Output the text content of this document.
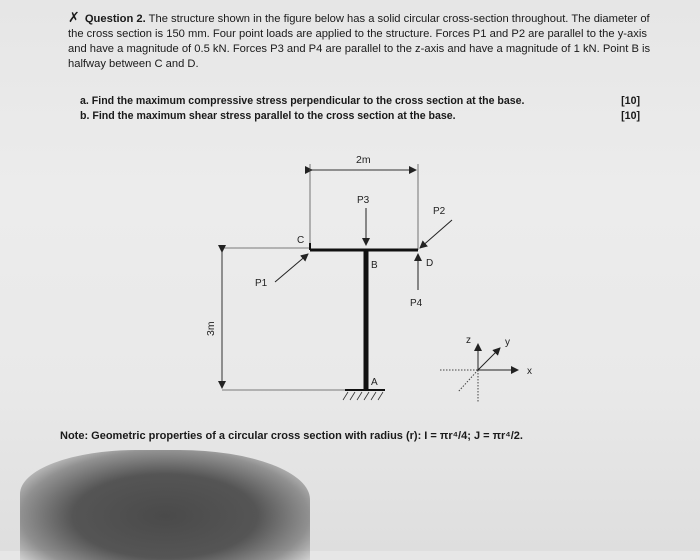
✗ Question 2. The structure shown in the figure below has a solid circular cross-section throughout. The diameter of the cross section is 150 mm. Four point loads are applied to the structure. Forces P1 and P2 are parallel to the y-axis and have a magnitude of 0.5 kN. Forces P3 and P4 are parallel to the z-axis and have a magnitude of 1 kN. Point B is halfway between C and D.
a. Find the maximum compressive stress perpendicular to the cross section at the base.	[10]
b. Find the maximum shear stress parallel to the cross section at the base.	[10]
2m
3m
P3
P2
P1
P4
C
B	D
A
z	y
x
Note: Geometric properties of a circular cross section with radius (r): I = πr⁴/4; J = πr⁴/2.
